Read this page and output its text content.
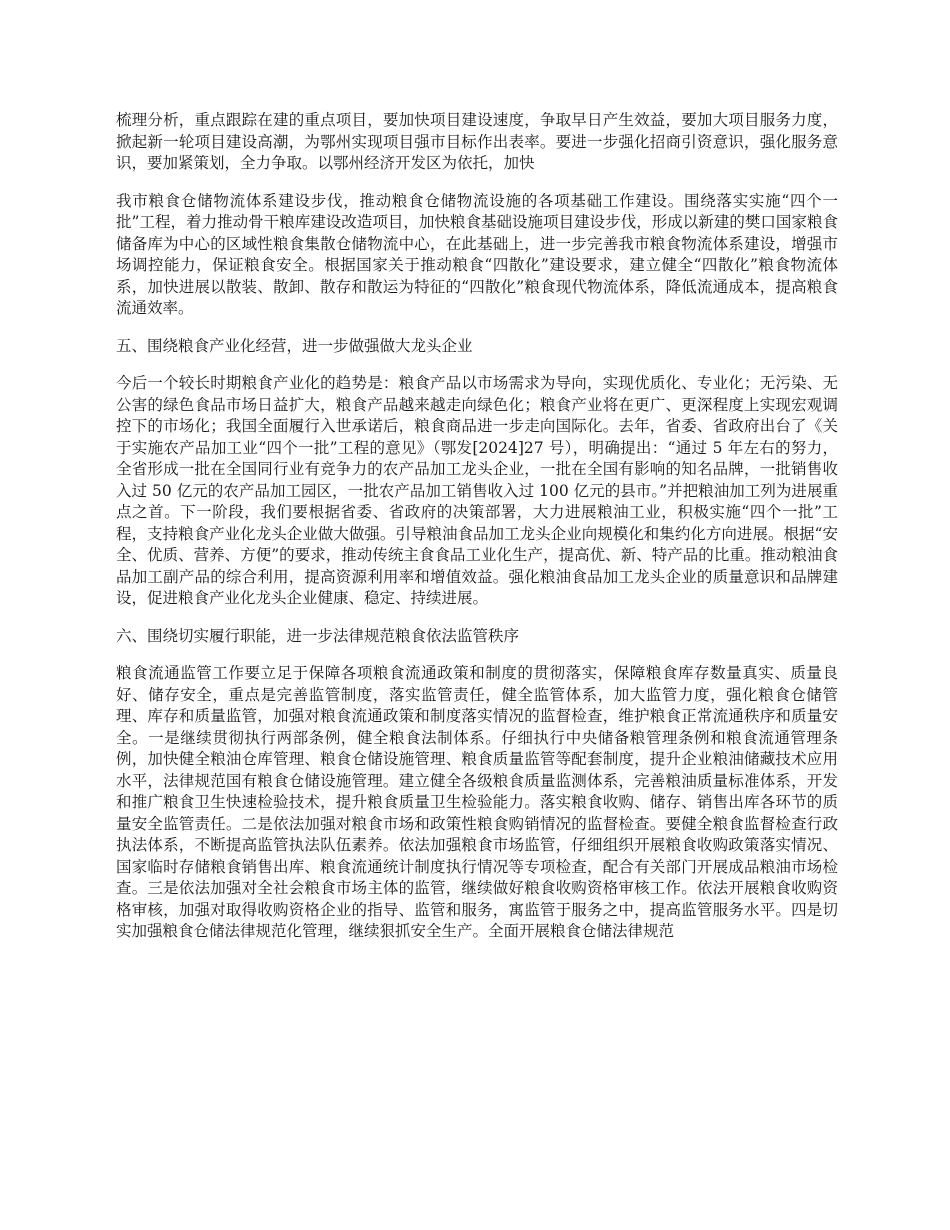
梳理分析，重点跟踪在建的重点项目，要加快项目建设速度，争取早日产生效益，要加大项目服务力度，掀起新一轮项目建设高潮，为鄂州实现项目强市目标作出表率。要进一步强化招商引资意识，强化服务意识，要加紧策划，全力争取。以鄂州经济开发区为依托，加快

我市粮食仓储物流体系建设步伐，推动粮食仓储物流设施的各项基础工作建设。围绕落实实施“四个一批”工程，着力推动骨干粮库建设改造项目，加快粮食基础设施项目建设步伐，形成以新建的樊口国家粮食储备库为中心的区域性粮食集散仓储物流中心，在此基础上，进一步完善我市粮食物流体系建设，增强市场调控能力，保证粮食安全。根据国家关于推动粮食“四散化”建设要求，建立健全“四散化”粮食物流体系，加快进展以散装、散卸、散存和散运为特征的“四散化”粮食现代物流体系，降低流通成本，提高粮食流通效率。

五、围绕粮食产业化经营，进一步做强做大龙头企业

今后一个较长时期粮食产业化的趋势是：粮食产品以市场需求为导向，实现优质化、专业化；无污染、无公害的绿色食品市场日益扩大，粮食产品越来越走向绿色化；粮食产业将在更广、更深程度上实现宏观调控下的市场化；我国全面履行入世承诺后，粮食商品进一步走向国际化。去年，省委、省政府出台了《关于实施农产品加工业“四个一批”工程的意见》（鄂发[2024]27 号），明确提出：“通过 5 年左右的努力，全省形成一批在全国同行业有竞争力的农产品加工龙头企业，一批在全国有影响的知名品牌，一批销售收入过 50 亿元的农产品加工园区，一批农产品加工销售收入过 100 亿元的县市。”并把粮油加工列为进展重点之首。下一阶段，我们要根据省委、省政府的决策部署，大力进展粮油工业，积极实施“四个一批”工程，支持粮食产业化龙头企业做大做强。引导粮油食品加工龙头企业向规模化和集约化方向进展。根据“安全、优质、营养、方便”的要求，推动传统主食食品工业化生产，提高优、新、特产品的比重。推动粮油食品加工副产品的综合利用，提高资源利用率和增值效益。强化粮油食品加工龙头企业的质量意识和品牌建设，促进粮食产业化龙头企业健康、稳定、持续进展。

六、围绕切实履行职能，进一步法律规范粮食依法监管秩序

粮食流通监管工作要立足于保障各项粮食流通政策和制度的贯彻落实，保障粮食库存数量真实、质量良好、储存安全，重点是完善监管制度，落实监管责任，健全监管体系，加大监管力度，强化粮食仓储管理、库存和质量监管，加强对粮食流通政策和制度落实情况的监督检查，维护粮食正常流通秩序和质量安全。一是继续贯彻执行两部条例，健全粮食法制体系。仔细执行中央储备粮管理条例和粮食流通管理条例，加快健全粮油仓库管理、粮食仓储设施管理、粮食质量监管等配套制度，提升企业粮油储藏技术应用水平，法律规范国有粮食仓储设施管理。建立健全各级粮食质量监测体系，完善粮油质量标准体系，开发和推广粮食卫生快速检验技术，提升粮食质量卫生检验能力。落实粮食收购、储存、销售出库各环节的质量安全监管责任。二是依法加强对粮食市场和政策性粮食购销情况的监督检查。要健全粮食监督检查行政执法体系，不断提高监管执法队伍素养。依法加强粮食市场监管，仔细组织开展粮食收购政策落实情况、国家临时存储粮食销售出库、粮食流通统计制度执行情况等专项检查，配合有关部门开展成品粮油市场检查。三是依法加强对全社会粮食市场主体的监管，继续做好粮食收购资格审核工作。依法开展粮食收购资格审核，加强对取得收购资格企业的指导、监管和服务，寓监管于服务之中，提高监管服务水平。四是切实加强粮食仓储法律规范化管理，继续狠抓安全生产。全面开展粮食仓储法律规范
